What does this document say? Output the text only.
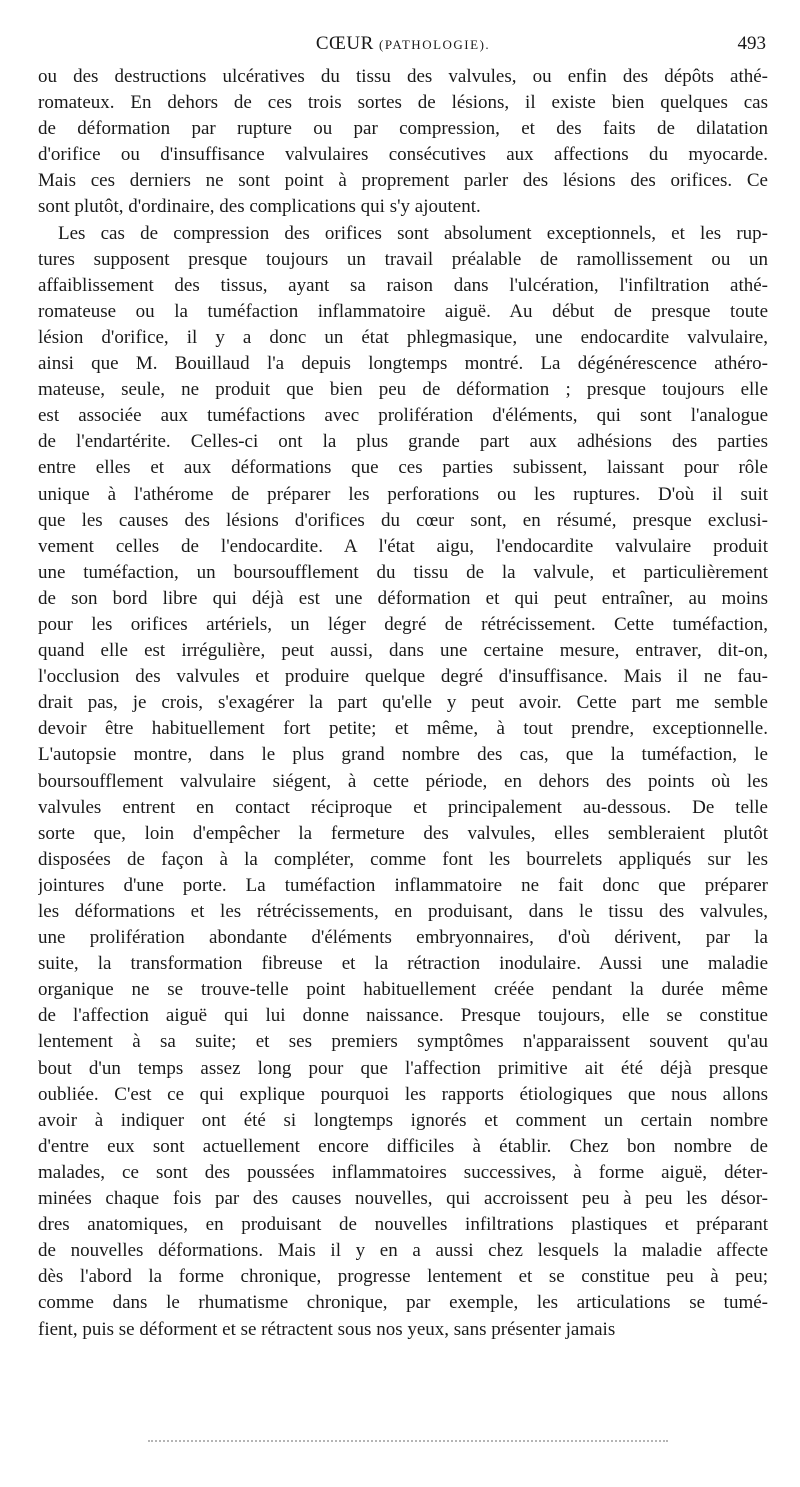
CŒUR (PATHOLOGIE).	493
ou des destructions ulcératives du tissu des valvules, ou enfin des dépôts athé-
romateux. En dehors de ces trois sortes de lésions, il existe bien quelques cas
de déformation par rupture ou par compression, et des faits de dilatation
d'orifice ou d'insuffisance valvulaires consécutives aux affections du myocarde.
Mais ces derniers ne sont point à proprement parler des lésions des orifices. Ce
sont plutôt, d'ordinaire, des complications qui s'y ajoutent.
Les cas de compression des orifices sont absolument exceptionnels, et les rup-
tures supposent presque toujours un travail préalable de ramollissement ou un
affaiblissement des tissus, ayant sa raison dans l'ulcération, l'infiltration athé-
romateuse ou la tuméfaction inflammatoire aiguë. Au début de presque toute
lésion d'orifice, il y a donc un état phlegmasique, une endocardite valvulaire,
ainsi que M. Bouillaud l'a depuis longtemps montré. La dégénérescence athéro-
mateuse, seule, ne produit que bien peu de déformation ; presque toujours elle
est associée aux tuméfactions avec prolifération d'éléments, qui sont l'analogue
de l'endartérite. Celles-ci ont la plus grande part aux adhésions des parties
entre elles et aux déformations que ces parties subissent, laissant pour rôle
unique à l'athérome de préparer les perforations ou les ruptures. D'où il suit
que les causes des lésions d'orifices du cœur sont, en résumé, presque exclusi-
vement celles de l'endocardite. A l'état aigu, l'endocardite valvulaire produit
une tuméfaction, un boursoufflement du tissu de la valvule, et particulièrement
de son bord libre qui déjà est une déformation et qui peut entraîner, au moins
pour les orifices artériels, un léger degré de rétrécissement. Cette tuméfaction,
quand elle est irrégulière, peut aussi, dans une certaine mesure, entraver, dit-on,
l'occlusion des valvules et produire quelque degré d'insuffisance. Mais il ne fau-
drait pas, je crois, s'exagérer la part qu'elle y peut avoir. Cette part me semble
devoir être habituellement fort petite; et même, à tout prendre, exceptionnelle.
L'autopsie montre, dans le plus grand nombre des cas, que la tuméfaction, le
boursoufflement valvulaire siégent, à cette période, en dehors des points où les
valvules entrent en contact réciproque et principalement au-dessous. De telle
sorte que, loin d'empêcher la fermeture des valvules, elles sembleraient plutôt
disposées de façon à la compléter, comme font les bourrelets appliqués sur les
jointures d'une porte. La tuméfaction inflammatoire ne fait donc que préparer
les déformations et les rétrécissements, en produisant, dans le tissu des valvules,
une prolifération abondante d'éléments embryonnaires, d'où dérivent, par la
suite, la transformation fibreuse et la rétraction inodulaire. Aussi une maladie
organique ne se trouve-telle point habituellement créée pendant la durée même
de l'affection aiguë qui lui donne naissance. Presque toujours, elle se constitue
lentement à sa suite; et ses premiers symptômes n'apparaissent souvent qu'au
bout d'un temps assez long pour que l'affection primitive ait été déjà presque
oubliée. C'est ce qui explique pourquoi les rapports étiologiques que nous allons
avoir à indiquer ont été si longtemps ignorés et comment un certain nombre
d'entre eux sont actuellement encore difficiles à établir. Chez bon nombre de
malades, ce sont des poussées inflammatoires successives, à forme aiguë, déter-
minées chaque fois par des causes nouvelles, qui accroissent peu à peu les désor-
dres anatomiques, en produisant de nouvelles infiltrations plastiques et préparant
de nouvelles déformations. Mais il y en a aussi chez lesquels la maladie affecte
dès l'abord la forme chronique, progresse lentement et se constitue peu à peu;
comme dans le rhumatisme chronique, par exemple, les articulations se tumé-
fient, puis se déforment et se rétractent sous nos yeux, sans présenter jamais
